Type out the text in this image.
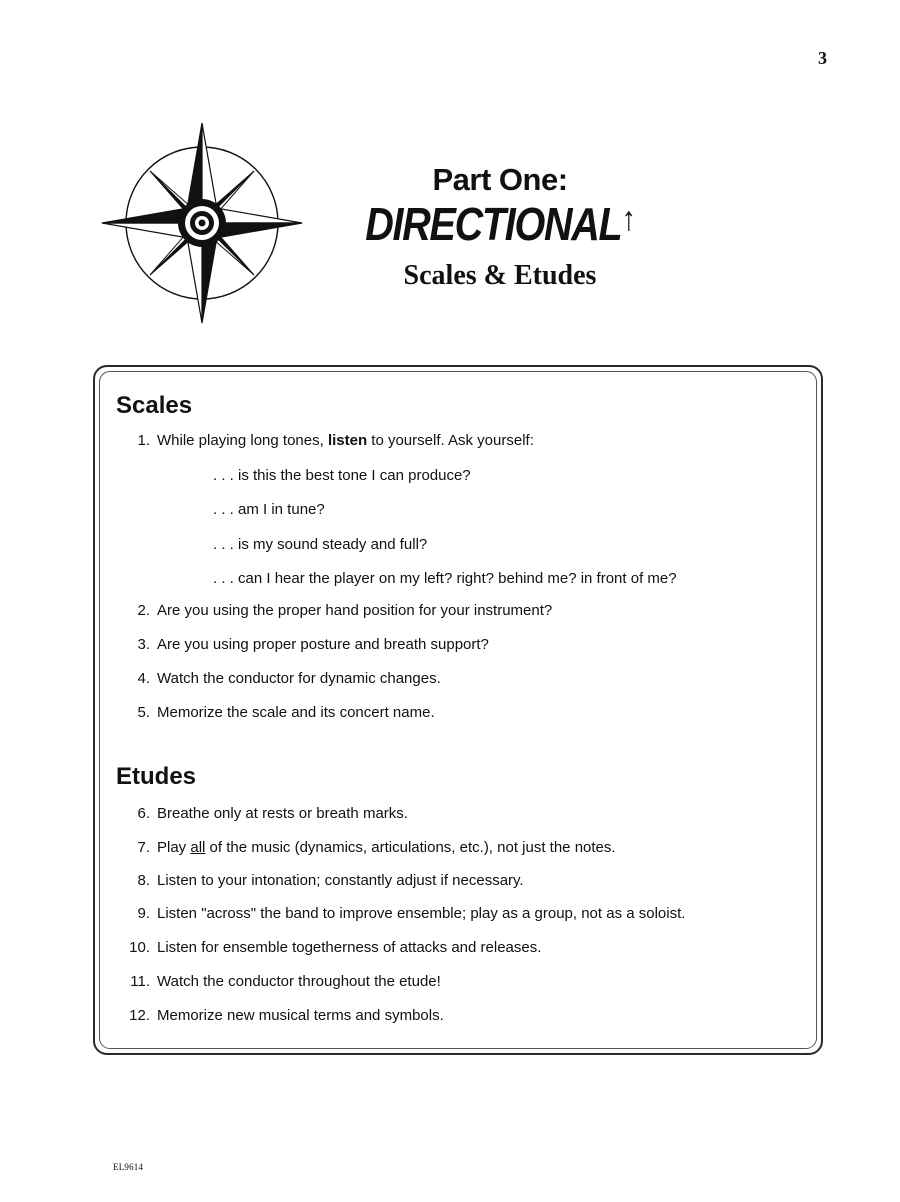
3
Part One:
DIRECTIONAL↑
Scales & Etudes
Scales
1. While playing long tones, listen to yourself. Ask yourself:
. . . is this the best tone I can produce?
. . . am I in tune?
. . . is my sound steady and full?
. . . can I hear the player on my left? right? behind me? in front of me?
2. Are you using the proper hand position for your instrument?
3. Are you using proper posture and breath support?
4. Watch the conductor for dynamic changes.
5. Memorize the scale and its concert name.
Etudes
6. Breathe only at rests or breath marks.
7. Play all of the music (dynamics, articulations, etc.), not just the notes.
8. Listen to your intonation; constantly adjust if necessary.
9. Listen "across" the band to improve ensemble; play as a group, not as a soloist.
10. Listen for ensemble togetherness of attacks and releases.
11. Watch the conductor throughout the etude!
12. Memorize new musical terms and symbols.
EL9614
